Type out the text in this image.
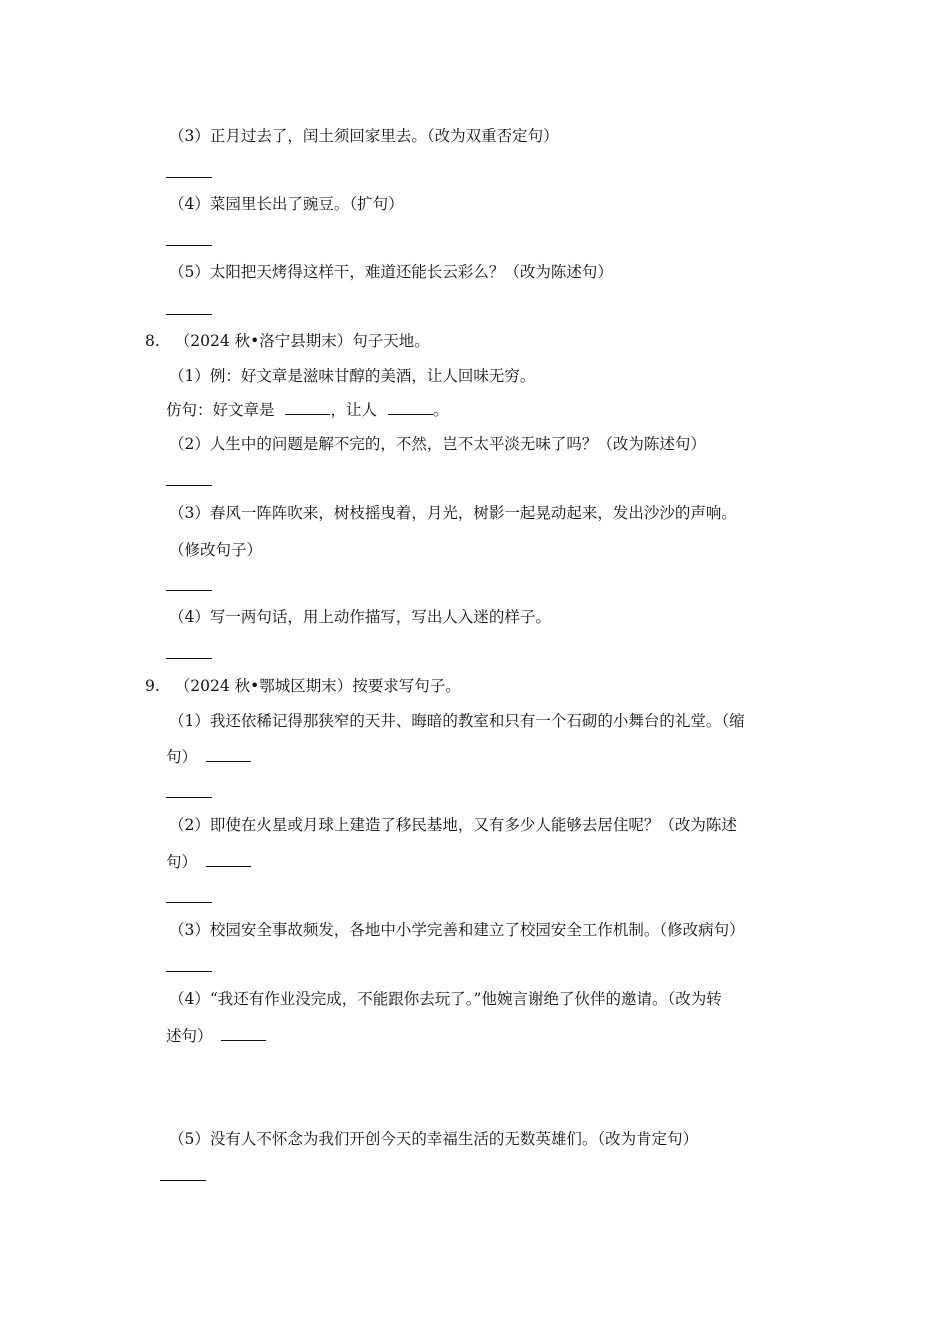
（3）正月过去了，闰土须回家里去。（改为双重否定句）
（4）菜园里长出了豌豆。（扩句）
（5）太阳把天烤得这样干，难道还能长云彩么？（改为陈述句）
8. （2024 秋•洛宁县期末）句子天地。
（1）例：好文章是滋味甘醇的美酒，让人回味无穷。
仿句：好文章是	，让人	。
（2）人生中的问题是解不完的，不然，岂不太平淡无味了吗？（改为陈述句）
（3）春风一阵阵吹来，树枝摇曳着，月光，树影一起晃动起来，发出沙沙的声响。
（修改句子）
（4）写一两句话，用上动作描写，写出人入迷的样子。
9. （2024 秋•鄂城区期末）按要求写句子。
（1）我还依稀记得那狭窄的天井、晦暗的教室和只有一个石砌的小舞台的礼堂。（缩
句）
（2）即使在火星或月球上建造了移民基地，又有多少人能够去居住呢？（改为陈述
句）
（3）校园安全事故频发，各地中小学完善和建立了校园安全工作机制。（修改病句）
（4）“我还有作业没完成，不能跟你去玩了。”他婉言谢绝了伙伴的邀请。（改为转
述句）
（5）没有人不怀念为我们开创今天的幸福生活的无数英雄们。（改为肯定句）
